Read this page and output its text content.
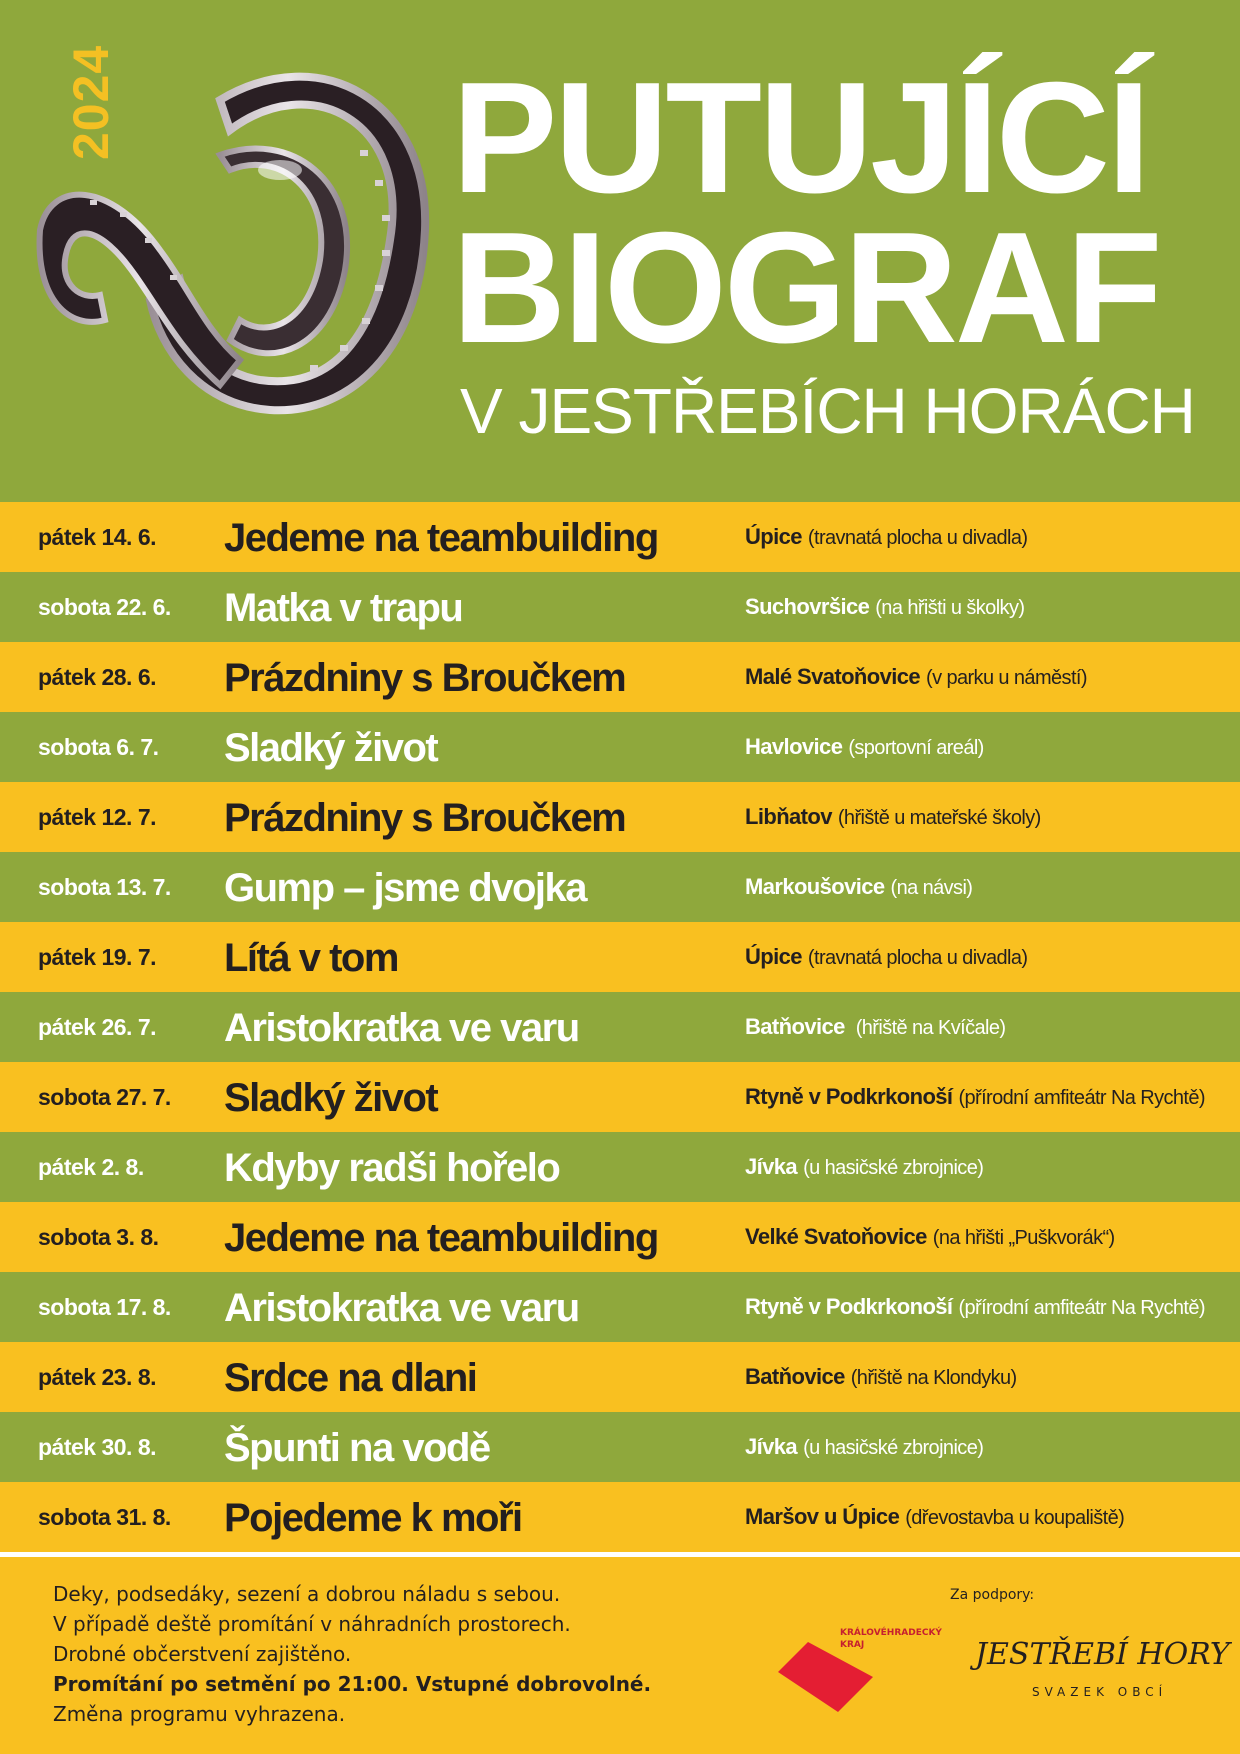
2024 PUTUJÍCÍ
BIOGRAF
V JESTŘEBÍCH HORÁCH
pátek 14. 6. Jedeme na teambuilding	Úpice (travnatá plocha u divadla)
sobota 22. 6. Matka v trapu	Suchovršice (na hřišti u školky)
pátek 28. 6. Prázdniny s Broučkem	Malé Svatoňovice (v parku u náměstí)
sobota 6. 7. Sladký život	Havlovice (sportovní areál)
pátek 12. 7. Prázdniny s Broučkem	Libňatov (hřiště u mateřské školy)
sobota 13. 7. Gump – jsme dvojka	Markoušovice (na návsi)
pátek 19. 7. Lítá v tom	Úpice (travnatá plocha u divadla)
pátek 26. 7. Aristokratka ve varu	Batňovice (hřiště na Kvíčale)
sobota 27. 7. Sladký život	Rtyně v Podkrkonoší (přírodní amfiteátr Na Rychtě)
pátek 2. 8. Kdyby radši hořelo	Jívka (u hasičské zbrojnice)
sobota 3. 8. Jedeme na teambuilding	Velké Svatoňovice (na hřišti „Puškvorák“)
sobota 17. 8. Aristokratka ve varu	Rtyně v Podkrkonoší (přírodní amfiteátr Na Rychtě)
pátek 23. 8. Srdce na dlani	Batňovice (hřiště na Klondyku)
pátek 30. 8. Špunti na vodě	Jívka (u hasičské zbrojnice)
sobota 31. 8. Pojedeme k moři	Maršov u Úpice (dřevostavba u koupaliště)
Deky, podsedáky, sezení a dobrou náladu s sebou.
V případě deště promítání v náhradních prostorech.
Drobné občerstvení zajištěno.
Promítání po setmění po 21:00. Vstupné dobrovolné.
Změna programu vyhrazena.
Za podpory:
KRÁLOVÉHRADECKÝ
KRAJ	JESTŘEBÍ HORY
SVAZEK OBCÍ
